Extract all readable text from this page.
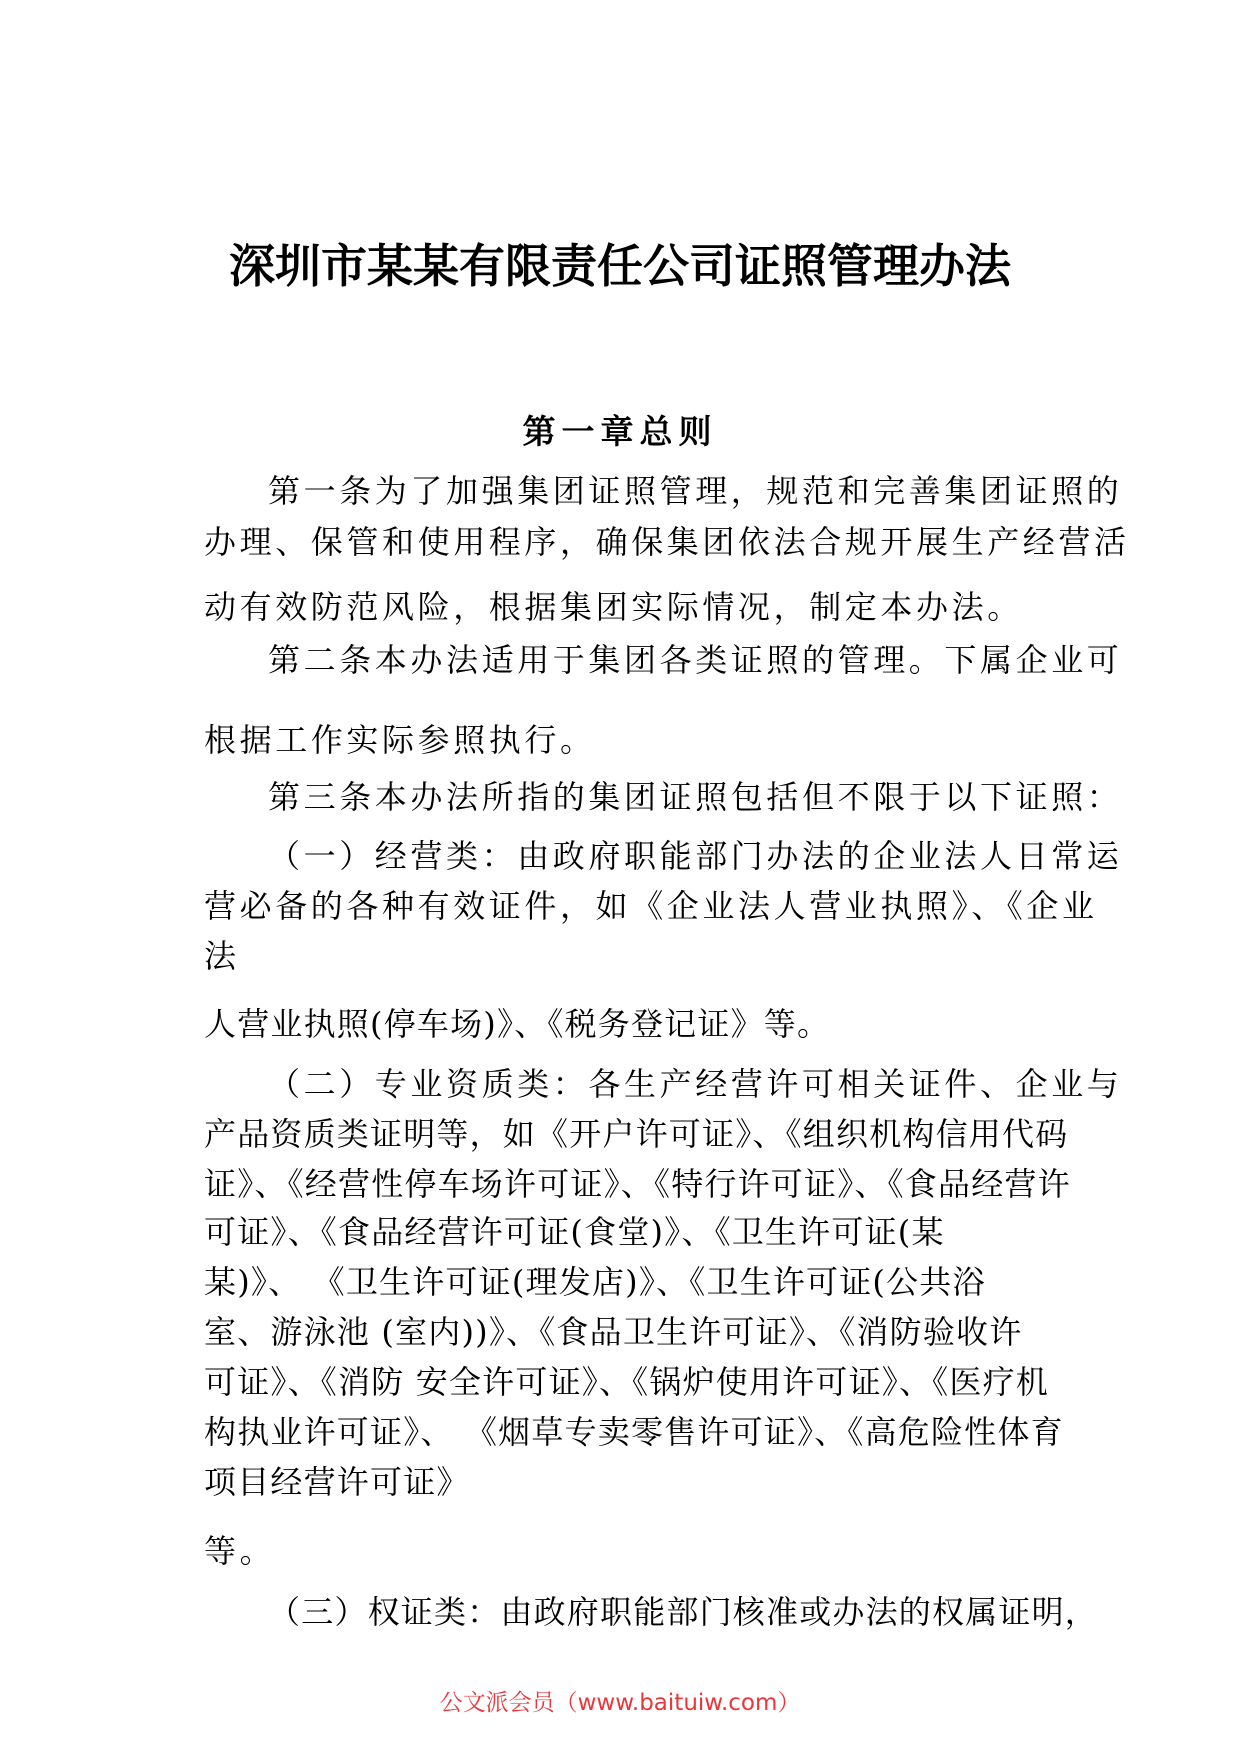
深圳市某某有限责任公司证照管理办法
第一章总则
第一条为了加强集团证照管理，规范和完善集团证照的
办理、保管和使用程序，确保集团依法合规开展生产经营活
动有效防范风险，根据集团实际情况，制定本办法。
第二条本办法适用于集团各类证照的管理。下属企业可
根据工作实际参照执行。
第三条本办法所指的集团证照包括但不限于以下证照：
（一）经营类：由政府职能部门办法的企业法人日常运
营必备的各种有效证件，如《企业法人营业执照》、《企业
法
人营业执照(停车场)》、《税务登记证》等。
（二）专业资质类：各生产经营许可相关证件、企业与
产品资质类证明等，如《开户许可证》、《组织机构信用代码
证》、《经营性停车场许可证》、《特行许可证》、《食品经营许
可证》、《食品经营许可证(食堂)》、《卫生许可证(某
某)》、 《卫生许可证(理发店)》、《卫生许可证(公共浴
室、游泳池 (室内))》、《食品卫生许可证》、《消防验收许
可证》、《消防 安全许可证》、《锅炉使用许可证》、《医疗机
构执业许可证》、 《烟草专卖零售许可证》、《高危险性体育
项目经营许可证》
等。
（三）权证类：由政府职能部门核准或办法的权属证明，
公文派会员（www.baituiw.com）
